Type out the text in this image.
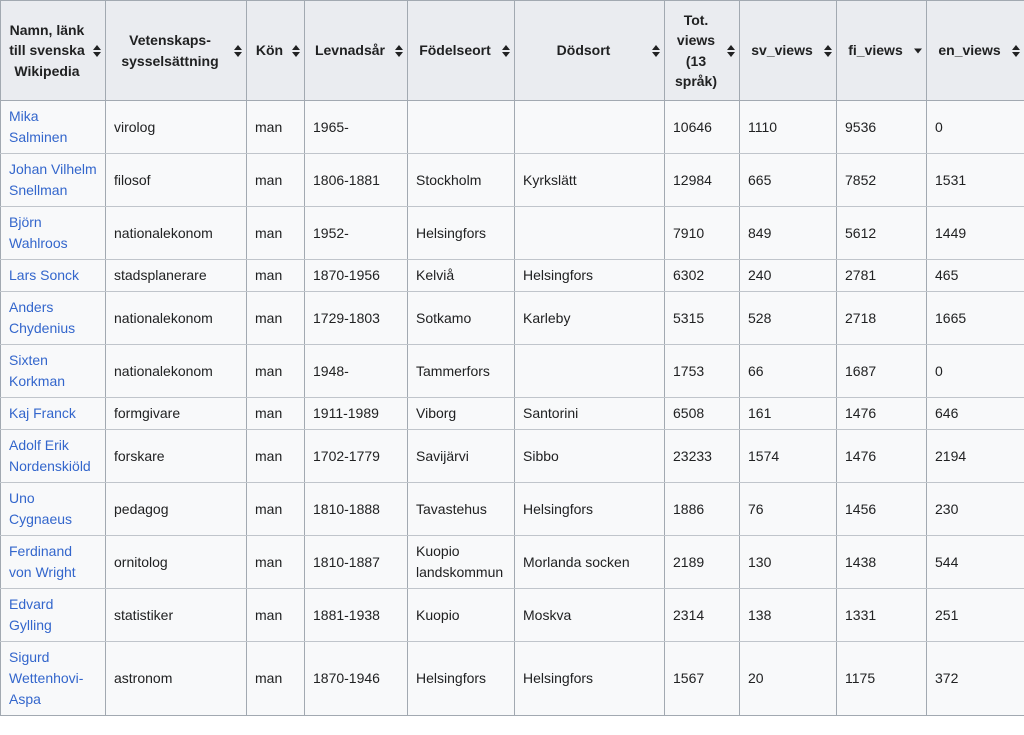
Namn, länk till svenska Wikipedia	Vetenskaps-sysselsättning	Kön	Levnadsår	Födelseort	Dödsort	Tot. views (13 språk)	sv_views	fi_views	en_views

Mika Salminen	virolog	man	1965-			10646	1110	9536	0
Johan Vilhelm Snellman	filosof	man	1806-1881	Stockholm	Kyrkslätt	12984	665	7852	1531
Björn Wahlroos	nationalekonom	man	1952-	Helsingfors		7910	849	5612	1449
Lars Sonck	stadsplanerare	man	1870-1956	Kelviå	Helsingfors	6302	240	2781	465
Anders Chydenius	nationalekonom	man	1729-1803	Sotkamo	Karleby	5315	528	2718	1665
Sixten Korkman	nationalekonom	man	1948-	Tammerfors		1753	66	1687	0
Kaj Franck	formgivare	man	1911-1989	Viborg	Santorini	6508	161	1476	646
Adolf Erik Nordenskiöld	forskare	man	1702-1779	Savijärvi	Sibbo	23233	1574	1476	2194
Uno Cygnaeus	pedagog	man	1810-1888	Tavastehus	Helsingfors	1886	76	1456	230
Ferdinand von Wright	ornitolog	man	1810-1887	Kuopio landskommun	Morlanda socken	2189	130	1438	544
Edvard Gylling	statistiker	man	1881-1938	Kuopio	Moskva	2314	138	1331	251
Sigurd Wettenhovi-Aspa	astronom	man	1870-1946	Helsingfors	Helsingfors	1567	20	1175	372
